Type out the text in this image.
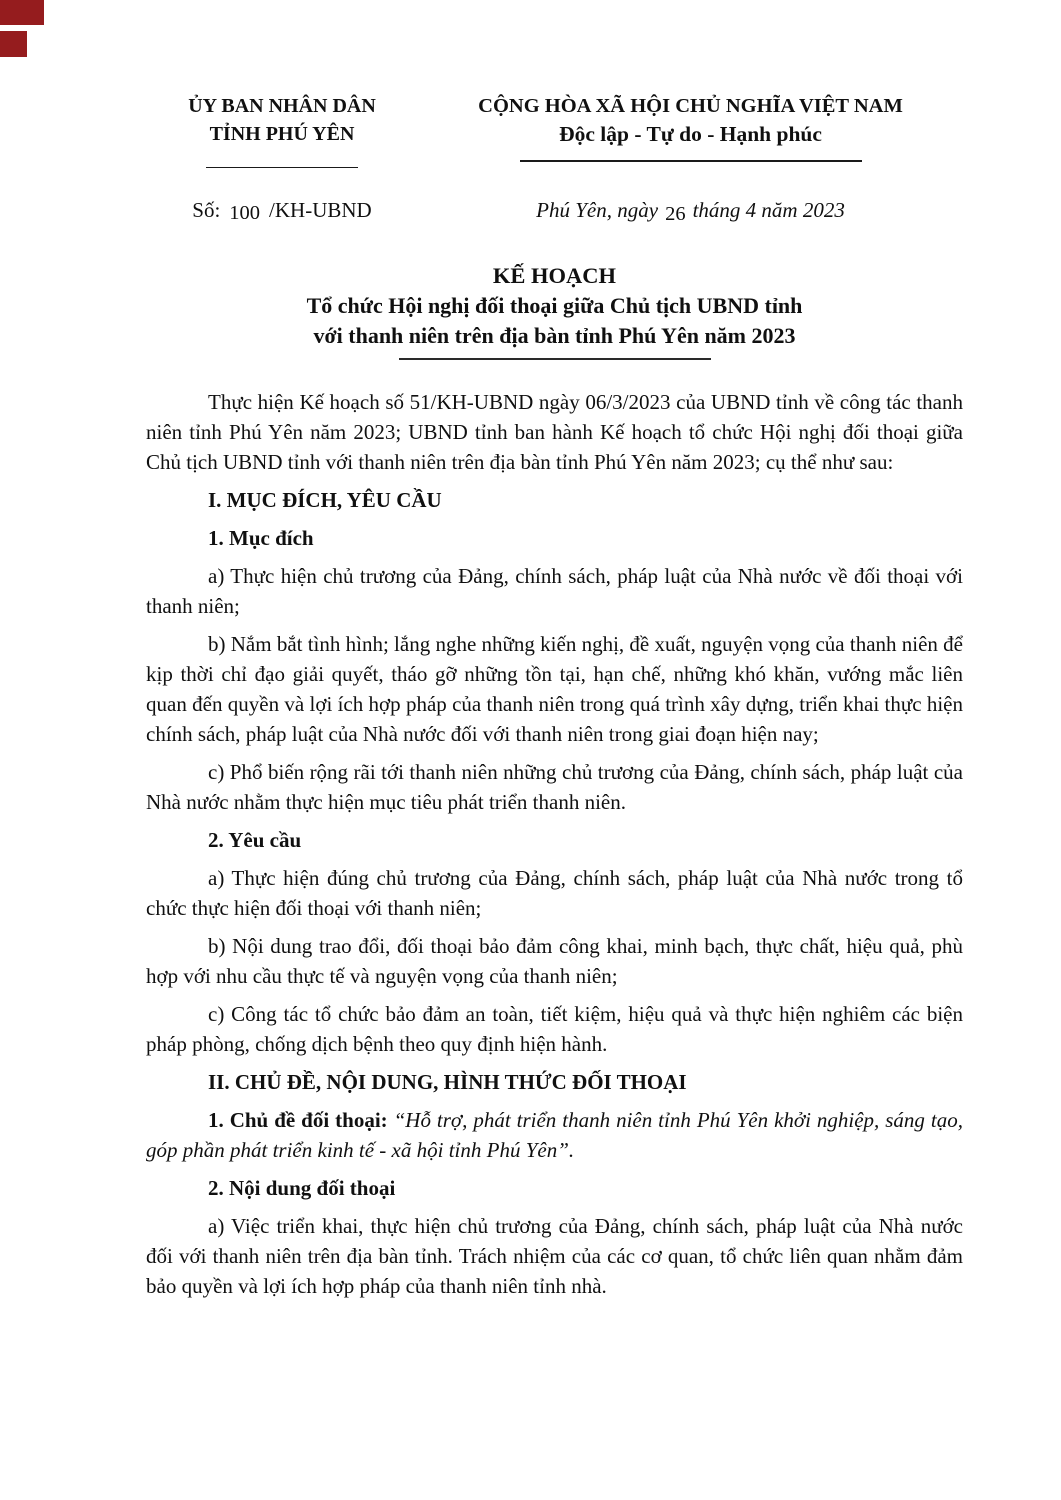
ỦY BAN NHÂN DÂN
TỈNH PHÚ YÊN
CỘNG HÒA XÃ HỘI CHỦ NGHĨA VIỆT NAM
Độc lập - Tự do - Hạnh phúc
Số: 100 /KH-UBND	Phú Yên, ngày 26 tháng 4 năm 2023
KẾ HOẠCH
Tổ chức Hội nghị đối thoại giữa Chủ tịch UBND tỉnh
với thanh niên trên địa bàn tỉnh Phú Yên năm 2023

Thực hiện Kế hoạch số 51/KH-UBND ngày 06/3/2023 của UBND tỉnh về công tác thanh niên tỉnh Phú Yên năm 2023; UBND tỉnh ban hành Kế hoạch tổ chức Hội nghị đối thoại giữa Chủ tịch UBND tỉnh với thanh niên trên địa bàn tỉnh Phú Yên năm 2023; cụ thể như sau:

I. MỤC ĐÍCH, YÊU CẦU

1. Mục đích

a) Thực hiện chủ trương của Đảng, chính sách, pháp luật của Nhà nước về đối thoại với thanh niên;

b) Nắm bắt tình hình; lắng nghe những kiến nghị, đề xuất, nguyện vọng của thanh niên để kịp thời chỉ đạo giải quyết, tháo gỡ những tồn tại, hạn chế, những khó khăn, vướng mắc liên quan đến quyền và lợi ích hợp pháp của thanh niên trong quá trình xây dựng, triển khai thực hiện chính sách, pháp luật của Nhà nước đối với thanh niên trong giai đoạn hiện nay;

c) Phổ biến rộng rãi tới thanh niên những chủ trương của Đảng, chính sách, pháp luật của Nhà nước nhằm thực hiện mục tiêu phát triển thanh niên.

2. Yêu cầu

a) Thực hiện đúng chủ trương của Đảng, chính sách, pháp luật của Nhà nước trong tổ chức thực hiện đối thoại với thanh niên;

b) Nội dung trao đổi, đối thoại bảo đảm công khai, minh bạch, thực chất, hiệu quả, phù hợp với nhu cầu thực tế và nguyện vọng của thanh niên;

c) Công tác tổ chức bảo đảm an toàn, tiết kiệm, hiệu quả và thực hiện nghiêm các biện pháp phòng, chống dịch bệnh theo quy định hiện hành.

II. CHỦ ĐỀ, NỘI DUNG, HÌNH THỨC ĐỐI THOẠI

1. Chủ đề đối thoại: “Hỗ trợ, phát triển thanh niên tỉnh Phú Yên khởi nghiệp, sáng tạo, góp phần phát triển kinh tế - xã hội tỉnh Phú Yên”.

2. Nội dung đối thoại

a) Việc triển khai, thực hiện chủ trương của Đảng, chính sách, pháp luật của Nhà nước đối với thanh niên trên địa bàn tỉnh. Trách nhiệm của các cơ quan, tổ chức liên quan nhằm đảm bảo quyền và lợi ích hợp pháp của thanh niên tỉnh nhà.
